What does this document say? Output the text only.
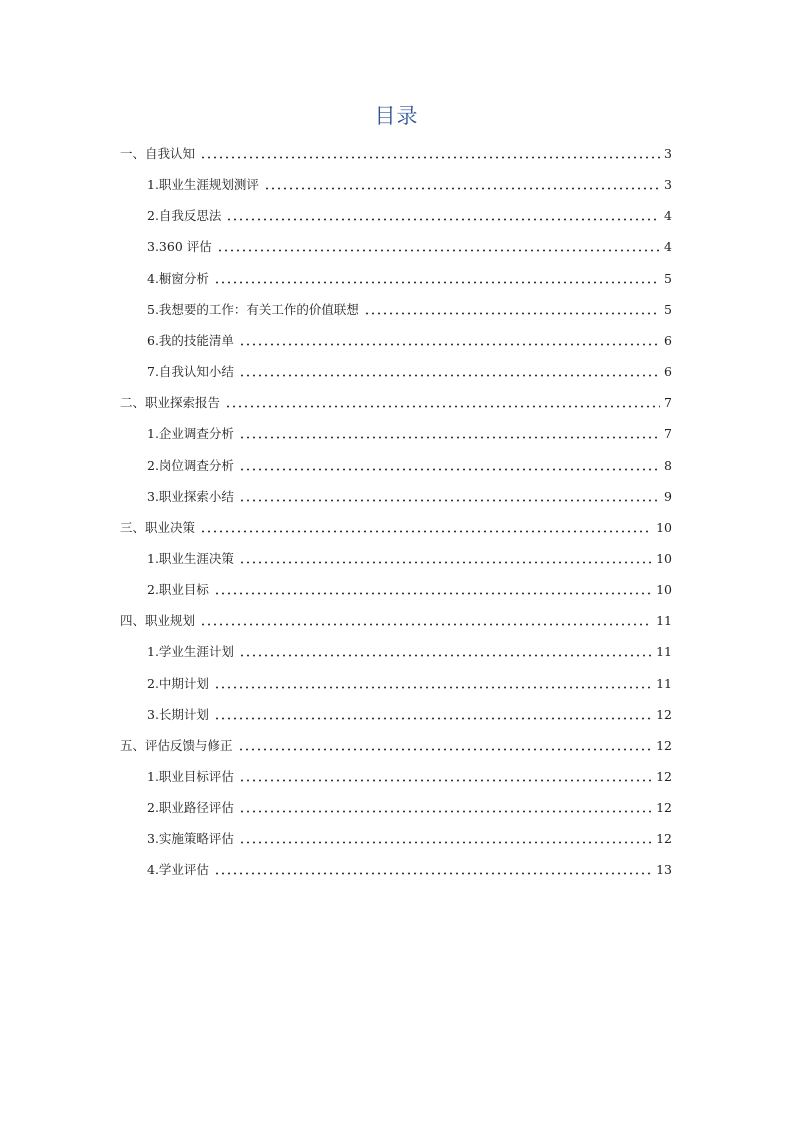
目录
一、自我认知	3
1.职业生涯规划测评	3
2.自我反思法	4
3.360 评估	4
4.橱窗分析	5
5.我想要的工作：有关工作的价值联想	5
6.我的技能清单	6
7.自我认知小结	6
二、职业探索报告	7
1.企业调查分析	7
2.岗位调查分析	8
3.职业探索小结	9
三、职业决策	10
1.职业生涯决策	10
2.职业目标	10
四、职业规划	11
1.学业生涯计划	11
2.中期计划	11
3.长期计划	12
五、评估反馈与修正	12
1.职业目标评估	12
2.职业路径评估	12
3.实施策略评估	12
4.学业评估	13
